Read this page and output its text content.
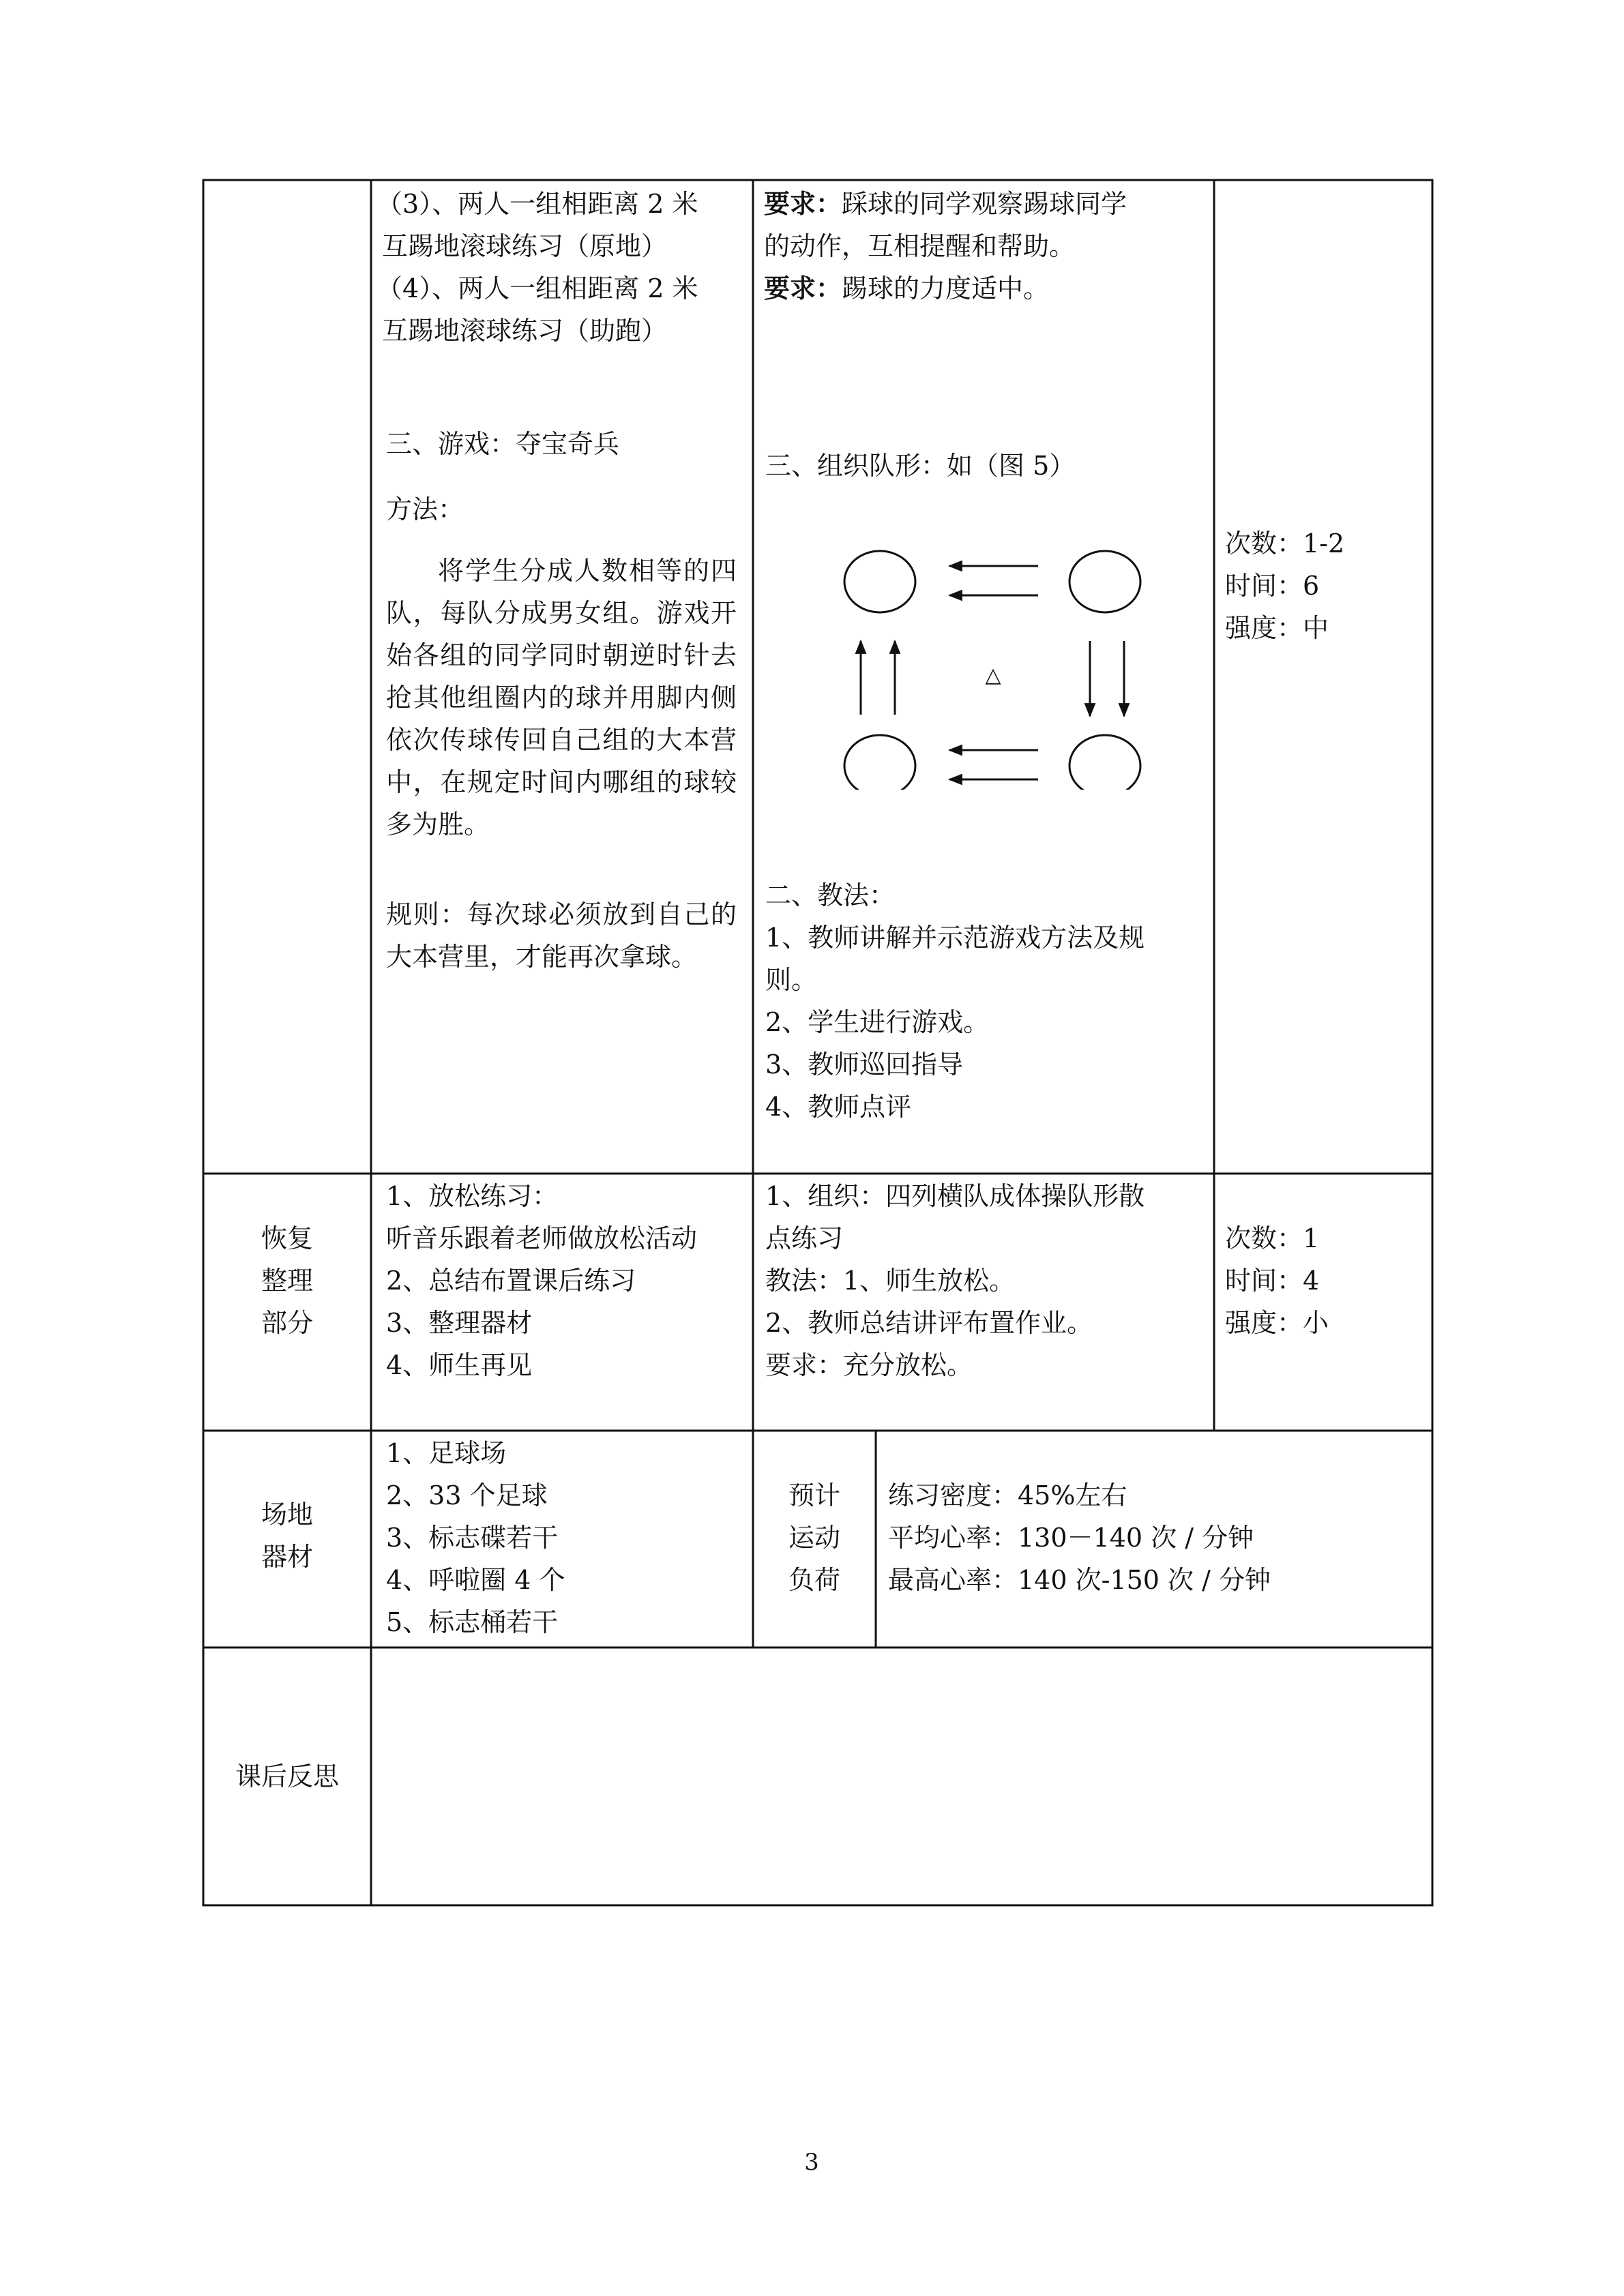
（3）、两人一组相距离 2 米
互踢地滚球练习（原地）
（4）、两人一组相距离 2 米
互踢地滚球练习（助跑）
三、游戏：夺宝奇兵
方法：
将学生分成人数相等的四队，每队分成男女组。游戏开始各组的同学同时朝逆时针去抢其他组圈内的球并用脚内侧依次传球传回自己组的大本营中，在规定时间内哪组的球较多为胜。
规则：每次球必须放到自己的大本营里，才能再次拿球。
要求：踩球的同学观察踢球同学
的动作，互相提醒和帮助。
要求：踢球的力度适中。
三、组织队形：如（图 5）
△
二、教法：
1、教师讲解并示范游戏方法及规
则。
2、学生进行游戏。
3、教师巡回指导
4、教师点评
次数：1-2
时间：6
强度：中
恢复
整理
部分
1、放松练习：
听音乐跟着老师做放松活动
2、总结布置课后练习
3、整理器材
4、师生再见
1、组织：四列横队成体操队形散
点练习
教法：1、师生放松。
2、教师总结讲评布置作业。
要求：充分放松。
次数：1
时间：4
强度：小
场地
器材
1、足球场
2、33 个足球
3、标志碟若干
4、呼啦圈 4 个
5、标志桶若干
预计
运动
负荷
练习密度：45%左右
平均心率：130－140 次 / 分钟
最高心率：140 次-150 次 / 分钟
课后反思
3
